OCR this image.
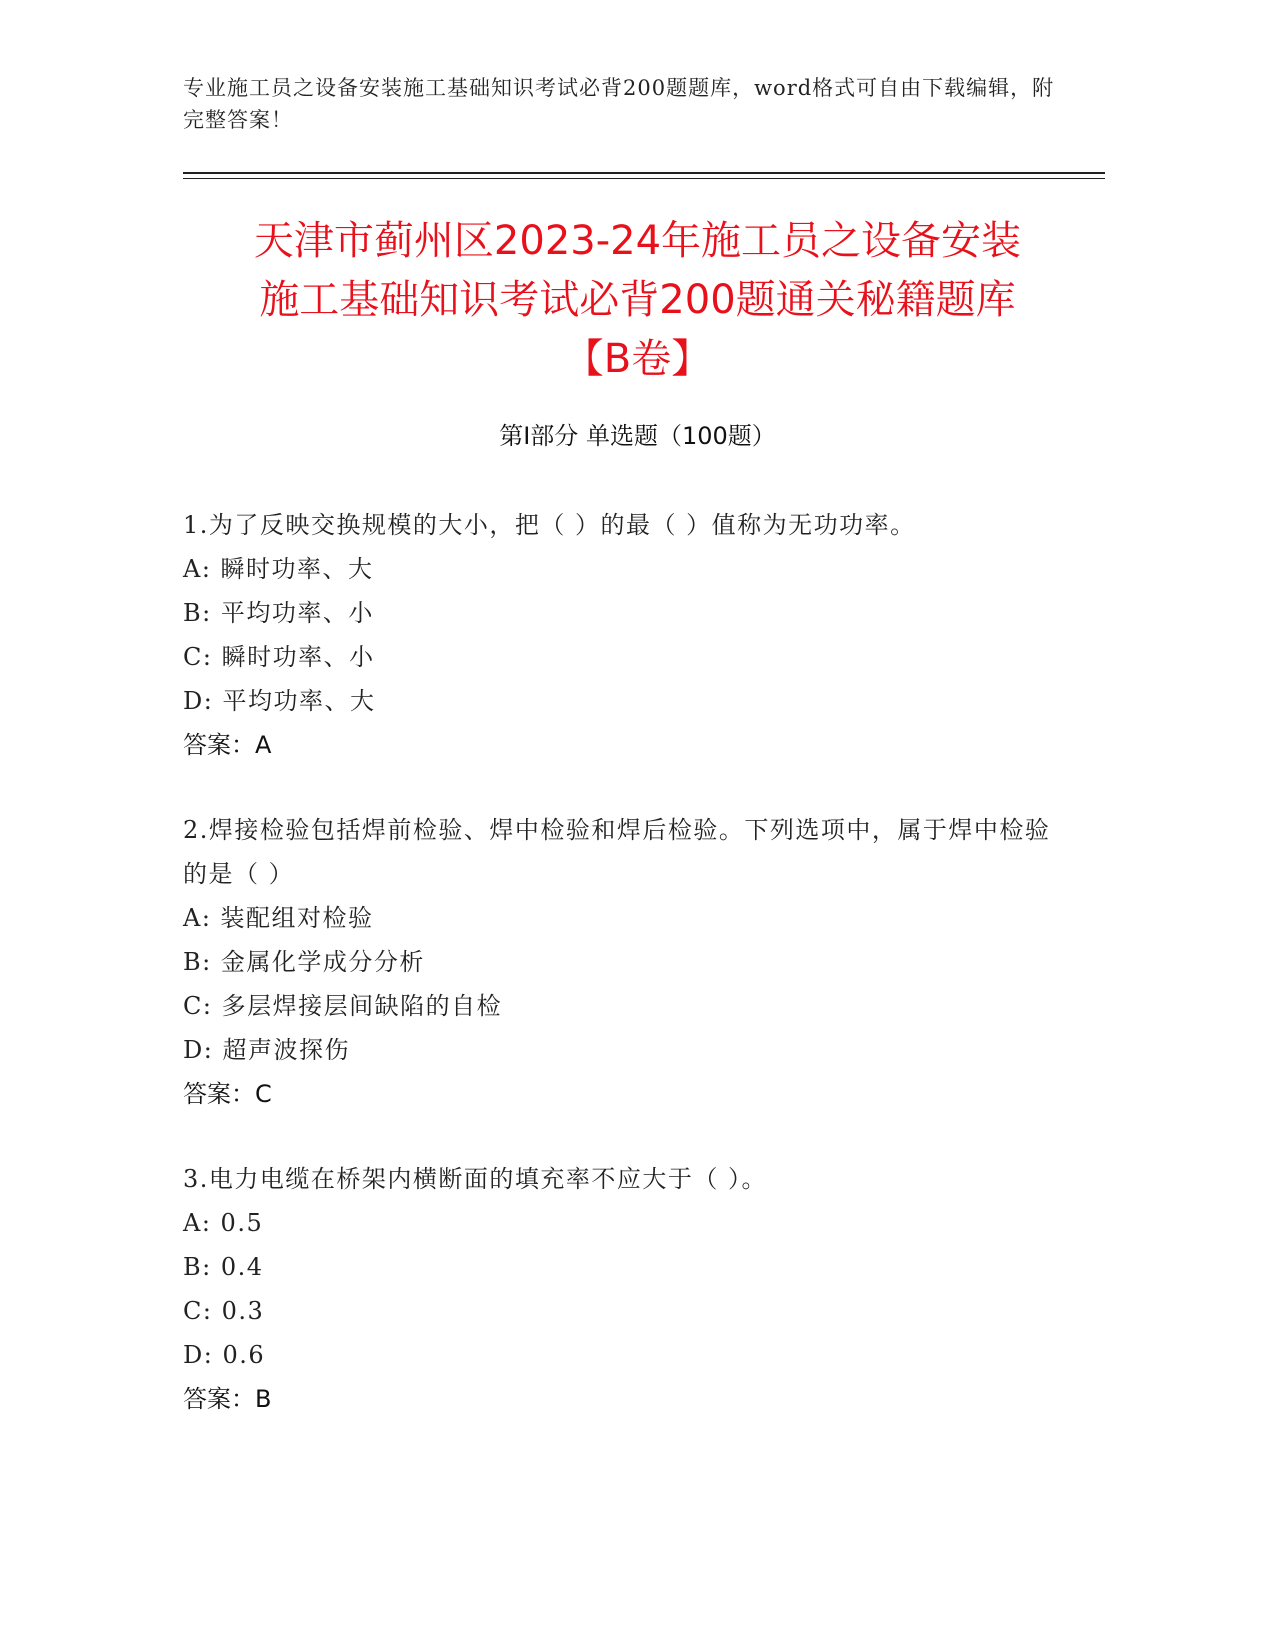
专业施工员之设备安装施工基础知识考试必背200题题库，word格式可自由下载编辑，附完整答案！
天津市蓟州区2023-24年施工员之设备安装
施工基础知识考试必背200题通关秘籍题库
【B卷】
第I部分 单选题（100题）
1.为了反映交换规模的大小，把（ ）的最（ ）值称为无功功率。
A: 瞬时功率、大
B: 平均功率、小
C: 瞬时功率、小
D: 平均功率、大
答案：A
2.焊接检验包括焊前检验、焊中检验和焊后检验。下列选项中，属于焊中检验的是（ ）
A: 装配组对检验
B: 金属化学成分分析
C: 多层焊接层间缺陷的自检
D: 超声波探伤
答案：C
3.电力电缆在桥架内横断面的填充率不应大于（ ）。
A: 0.5
B: 0.4
C: 0.3
D: 0.6
答案：B
